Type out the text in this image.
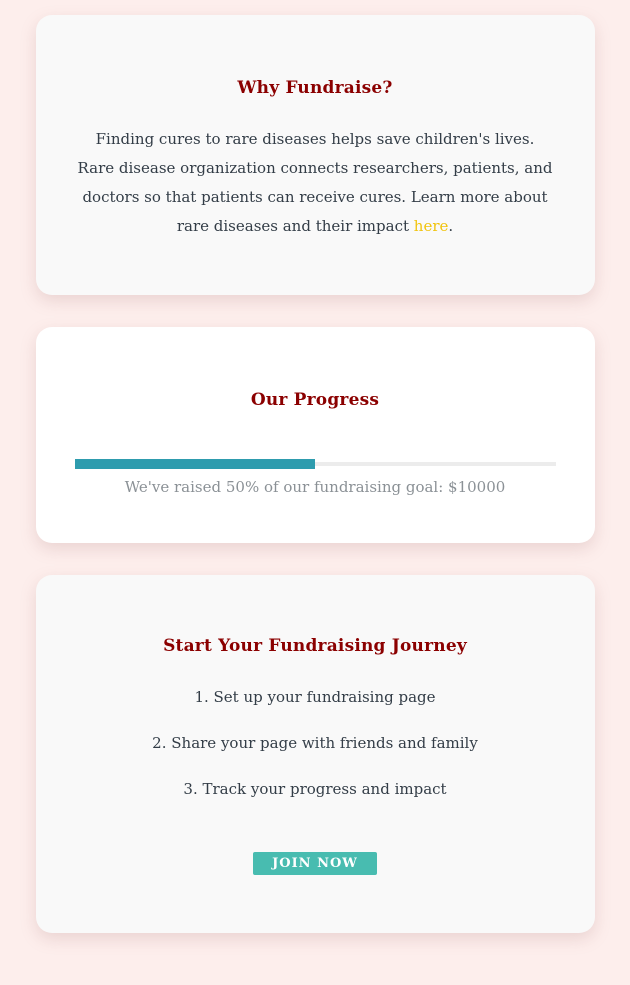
Why Fundraise?

Finding cures to rare diseases helps save children's lives. Rare disease organization connects researchers, patients, and doctors so that patients can receive cures. Learn more about rare diseases and their impact here.

Our Progress

We've raised 50% of our fundraising goal: $10000

Start Your Fundraising Journey

1. Set up your fundraising page

2. Share your page with friends and family

3. Track your progress and impact

JOIN NOW
